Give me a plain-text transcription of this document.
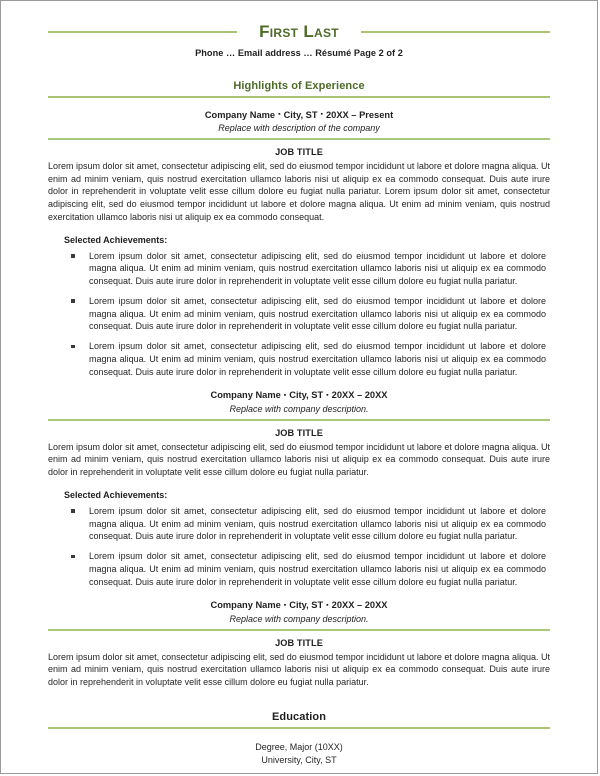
First Last
Phone … Email address … Résumé Page 2 of 2
Highlights of Experience
Company Name ▪ City, ST ▪ 20XX – Present
Replace with description of the company
JOB TITLE
Lorem ipsum dolor sit amet, consectetur adipiscing elit, sed do eiusmod tempor incididunt ut labore et dolore magna aliqua. Ut enim ad minim veniam, quis nostrud exercitation ullamco laboris nisi ut aliquip ex ea commodo consequat. Duis aute irure dolor in reprehenderit in voluptate velit esse cillum dolore eu fugiat nulla pariatur. Lorem ipsum dolor sit amet, consectetur adipiscing elit, sed do eiusmod tempor incididunt ut labore et dolore magna aliqua. Ut enim ad minim veniam, quis nostrud exercitation ullamco laboris nisi ut aliquip ex ea commodo consequat.
Selected Achievements:
Lorem ipsum dolor sit amet, consectetur adipiscing elit, sed do eiusmod tempor incididunt ut labore et dolore magna aliqua. Ut enim ad minim veniam, quis nostrud exercitation ullamco laboris nisi ut aliquip ex ea commodo consequat. Duis aute irure dolor in reprehenderit in voluptate velit esse cillum dolore eu fugiat nulla pariatur.
Lorem ipsum dolor sit amet, consectetur adipiscing elit, sed do eiusmod tempor incididunt ut labore et dolore magna aliqua. Ut enim ad minim veniam, quis nostrud exercitation ullamco laboris nisi ut aliquip ex ea commodo consequat. Duis aute irure dolor in reprehenderit in voluptate velit esse cillum dolore eu fugiat nulla pariatur.
Lorem ipsum dolor sit amet, consectetur adipiscing elit, sed do eiusmod tempor incididunt ut labore et dolore magna aliqua. Ut enim ad minim veniam, quis nostrud exercitation ullamco laboris nisi ut aliquip ex ea commodo consequat. Duis aute irure dolor in reprehenderit in voluptate velit esse cillum dolore eu fugiat nulla pariatur.
Company Name ▪ City, ST ▪ 20XX – 20XX
Replace with company description.
JOB TITLE
Lorem ipsum dolor sit amet, consectetur adipiscing elit, sed do eiusmod tempor incididunt ut labore et dolore magna aliqua. Ut enim ad minim veniam, quis nostrud exercitation ullamco laboris nisi ut aliquip ex ea commodo consequat. Duis aute irure dolor in reprehenderit in voluptate velit esse cillum dolore eu fugiat nulla pariatur.
Selected Achievements:
Lorem ipsum dolor sit amet, consectetur adipiscing elit, sed do eiusmod tempor incididunt ut labore et dolore magna aliqua. Ut enim ad minim veniam, quis nostrud exercitation ullamco laboris nisi ut aliquip ex ea commodo consequat. Duis aute irure dolor in reprehenderit in voluptate velit esse cillum dolore eu fugiat nulla pariatur.
Lorem ipsum dolor sit amet, consectetur adipiscing elit, sed do eiusmod tempor incididunt ut labore et dolore magna aliqua. Ut enim ad minim veniam, quis nostrud exercitation ullamco laboris nisi ut aliquip ex ea commodo consequat. Duis aute irure dolor in reprehenderit in voluptate velit esse cillum dolore eu fugiat nulla pariatur.
Company Name ▪ City, ST ▪ 20XX – 20XX
Replace with company description.
JOB TITLE
Lorem ipsum dolor sit amet, consectetur adipiscing elit, sed do eiusmod tempor incididunt ut labore et dolore magna aliqua. Ut enim ad minim veniam, quis nostrud exercitation ullamco laboris nisi ut aliquip ex ea commodo consequat. Duis aute irure dolor in reprehenderit in voluptate velit esse cillum dolore eu fugiat nulla pariatur.
Education
Degree, Major (10XX)
University, City, ST
